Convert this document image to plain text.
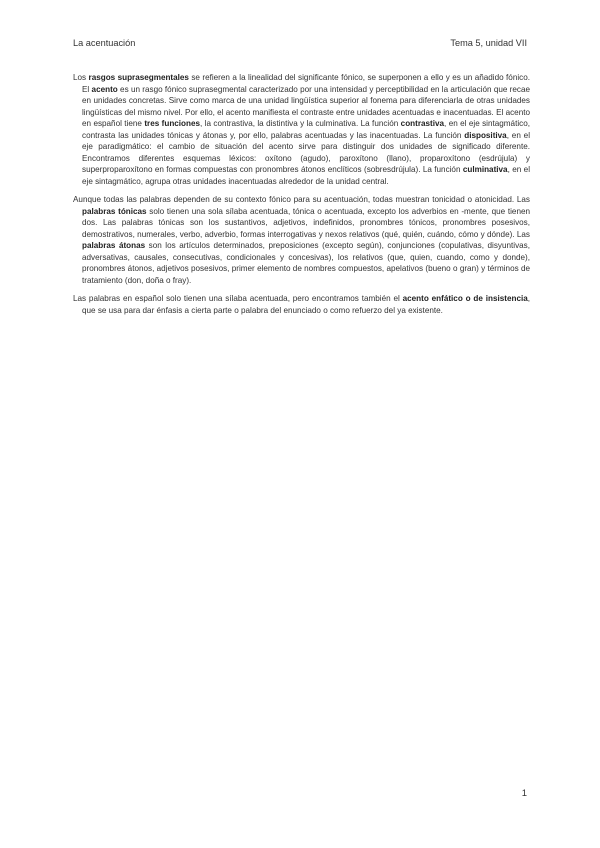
La acentuación	Tema 5, unidad VII

Los rasgos suprasegmentales se refieren a la linealidad del significante fónico, se superponen a ello y es un añadido fónico. El acento es un rasgo fónico suprasegmental caracterizado por una intensidad y perceptibilidad en la articulación que recae en unidades concretas. Sirve como marca de una unidad lingüística superior al fonema para diferenciarla de otras unidades lingüísticas del mismo nivel. Por ello, el acento manifiesta el contraste entre unidades acentuadas e inacentuadas. El acento en español tiene tres funciones, la contrastiva, la distintiva y la culminativa. La función contrastiva, en el eje sintagmático, contrasta las unidades tónicas y átonas y, por ello, palabras acentuadas y las inacentuadas. La función dispositiva, en el eje paradigmático: el cambio de situación del acento sirve para distinguir dos unidades de significado diferente. Encontramos diferentes esquemas léxicos: oxítono (agudo), paroxítono (llano), proparoxítono (esdrújula) y superproparoxítono en formas compuestas con pronombres átonos enclíticos (sobresdrújula). La función culminativa, en el eje sintagmático, agrupa otras unidades inacentuadas alrededor de la unidad central.

Aunque todas las palabras dependen de su contexto fónico para su acentuación, todas muestran tonicidad o atonicidad. Las palabras tónicas solo tienen una sola sílaba acentuada, tónica o acentuada, excepto los adverbios en -mente, que tienen dos. Las palabras tónicas son los sustantivos, adjetivos, indefinidos, pronombres tónicos, pronombres posesivos, demostrativos, numerales, verbo, adverbio, formas interrogativas y nexos relativos (qué, quién, cuándo, cómo y dónde). Las palabras átonas son los artículos determinados, preposiciones (excepto según), conjunciones (copulativas, disyuntivas, adversativas, causales, consecutivas, condicionales y concesivas), los relativos (que, quien, cuando, como y donde), pronombres átonos, adjetivos posesivos, primer elemento de nombres compuestos, apelativos (bueno o gran) y términos de tratamiento (don, doña o fray).

Las palabras en español solo tienen una sílaba acentuada, pero encontramos también el acento enfático o de insistencia, que se usa para dar énfasis a cierta parte o palabra del enunciado o como refuerzo del ya existente.

1
